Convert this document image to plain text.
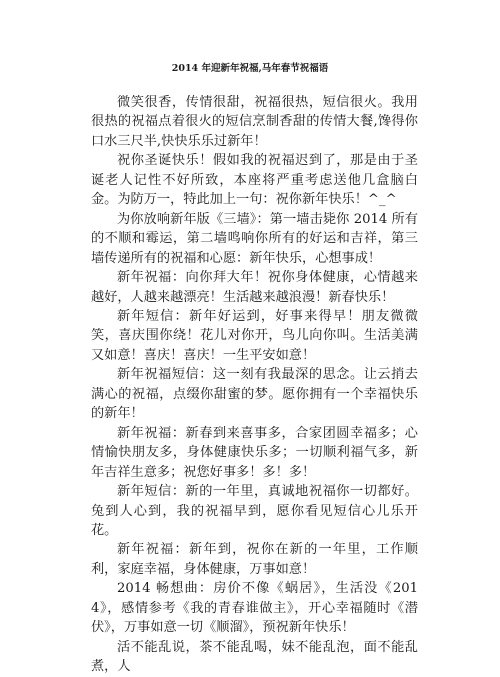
2014 年迎新年祝福,马年春节祝福语

微笑很香，传情很甜，祝福很热，短信很火。我用很热的祝福点着很火的短信烹制香甜的传情大餐,馋得你口水三尺半,快快乐乐过新年！

祝你圣诞快乐！假如我的祝福迟到了，那是由于圣诞老人记性不好所致，本座将严重考虑送他几盒脑白金。为防万一，特此加上一句：祝你新年快乐！^_^

为你放响新年版《三墙》：第一墙击毙你 2014 所有的不顺和霉运，第二墙鸣响你所有的好运和吉祥，第三墙传递所有的祝福和心愿：新年快乐，心想事成！

新年祝福：向你拜大年！祝你身体健康，心情越来越好，人越来越漂亮！生活越来越浪漫！新春快乐！

新年短信：新年好运到，好事来得早！朋友微微笑，喜庆围你绕！花儿对你开，鸟儿向你叫。生活美满又如意！喜庆！喜庆！一生平安如意！

新年祝福短信：这一刻有我最深的思念。让云捎去满心的祝福，点缀你甜蜜的梦。愿你拥有一个幸福快乐的新年！

新年祝福：新春到来喜事多，合家团圆幸福多；心情愉快朋友多，身体健康快乐多；一切顺利福气多，新年吉祥生意多；祝您好事多！多！多！

新年短信：新的一年里，真诚地祝福你一切都好。兔到人心到，我的祝福早到，愿你看见短信心儿乐开花。

新年祝福：新年到，祝你在新的一年里，工作顺利，家庭幸福，身体健康，万事如意！

2014 畅想曲：房价不像《蜗居》，生活没《2014》，感情参考《我的青春谁做主》，开心幸福随时《潜伏》，万事如意一切《顺溜》，预祝新年快乐！

活不能乱说，茶不能乱喝，妹不能乱泡，面不能乱煮，人
